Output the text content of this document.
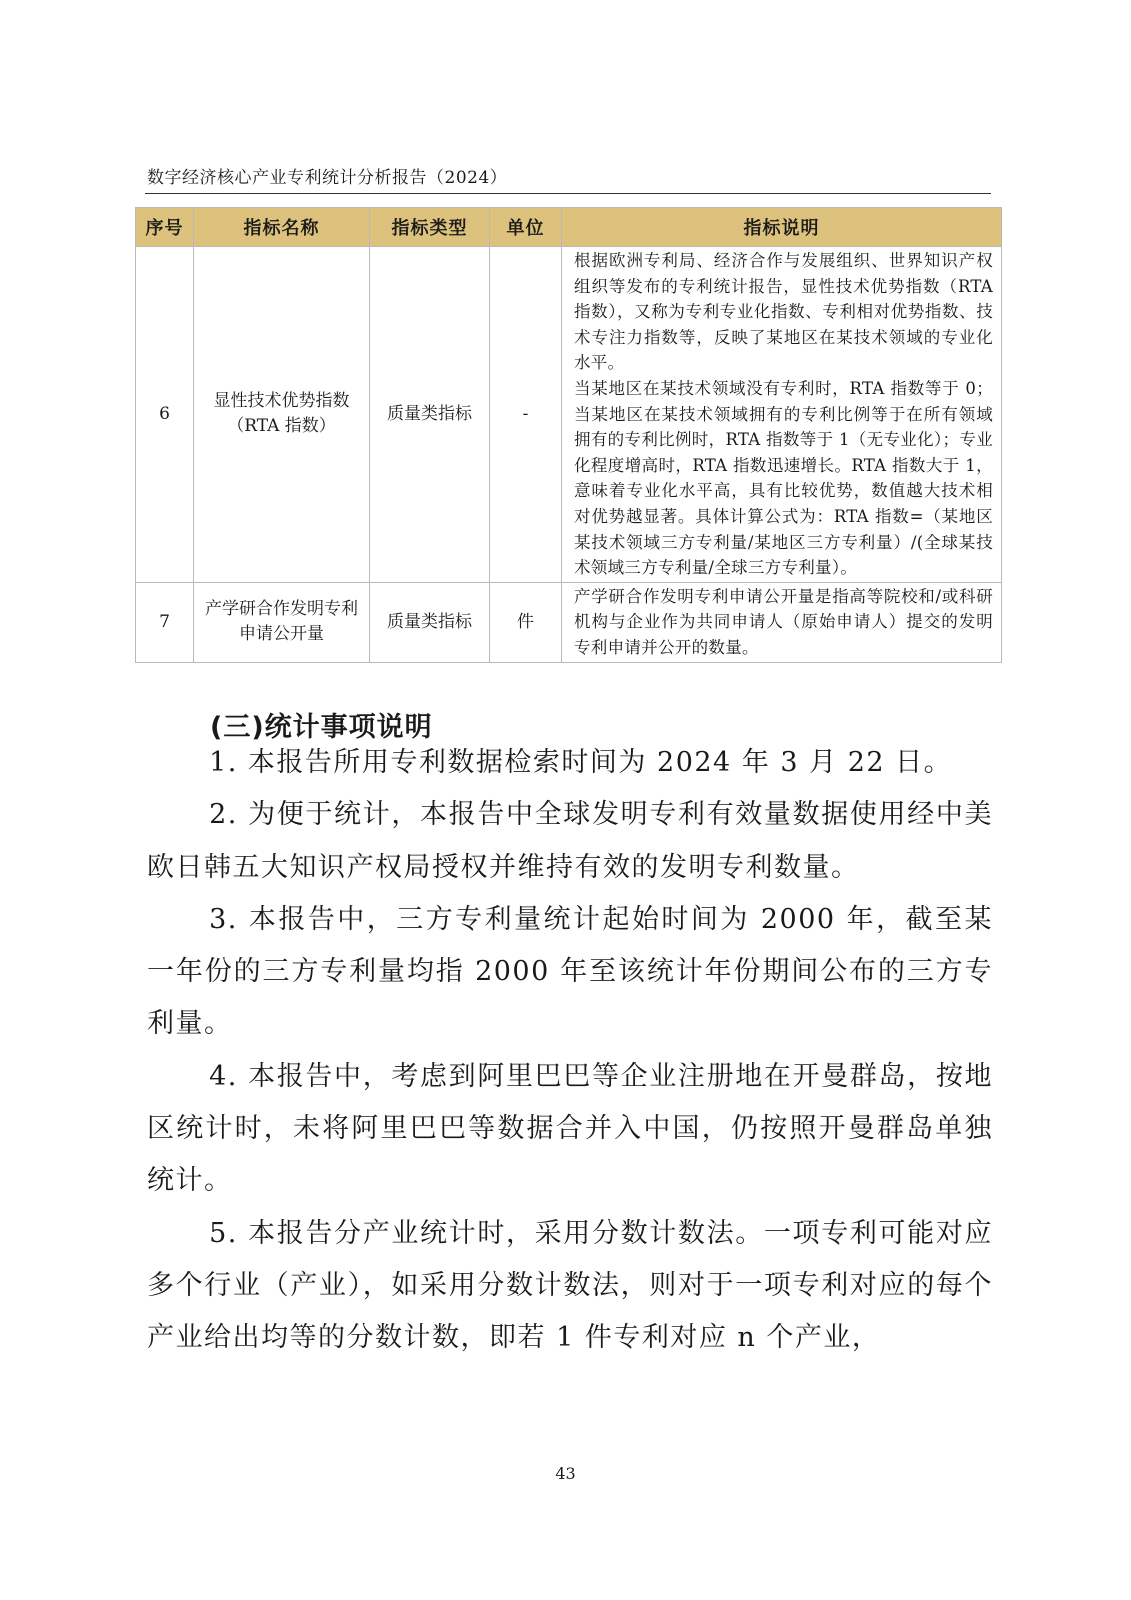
数字经济核心产业专利统计分析报告（2024）
序号	指标名称	指标类型	单位	指标说明
6	显性技术优势指数（RTA 指数）	质量类指标	-	根据欧洲专利局、经济合作与发展组织、世界知识产权组织等发布的专利统计报告，显性技术优势指数（RTA 指数），又称为专利专业化指数、专利相对优势指数、技术专注力指数等，反映了某地区在某技术领域的专业化水平。

当某地区在某技术领域没有专利时，RTA 指数等于 0；当某地区在某技术领域拥有的专利比例等于在所有领域拥有的专利比例时，RTA 指数等于 1（无专业化）；专业化程度增高时，RTA 指数迅速增长。RTA 指数大于 1，意味着专业化水平高，具有比较优势，数值越大技术相对优势越显著。具体计算公式为：RTA 指数=（某地区某技术领域三方专利量/某地区三方专利量）/(全球某技术领域三方专利量/全球三方专利量）。

7	产学研合作发明专利申请公开量	质量类指标	件	产学研合作发明专利申请公开量是指高等院校和/或科研机构与企业作为共同申请人（原始申请人）提交的发明专利申请并公开的数量。

(三)统计事项说明

1. 本报告所用专利数据检索时间为 2024 年 3 月 22 日。

2. 为便于统计，本报告中全球发明专利有效量数据使用经中美欧日韩五大知识产权局授权并维持有效的发明专利数量。

3. 本报告中，三方专利量统计起始时间为 2000 年，截至某一年份的三方专利量均指 2000 年至该统计年份期间公布的三方专利量。

4. 本报告中，考虑到阿里巴巴等企业注册地在开曼群岛，按地区统计时，未将阿里巴巴等数据合并入中国，仍按照开曼群岛单独统计。

5. 本报告分产业统计时，采用分数计数法。一项专利可能对应多个行业（产业），如采用分数计数法，则对于一项专利对应的每个产业给出均等的分数计数，即若 1 件专利对应 n 个产业，

43
